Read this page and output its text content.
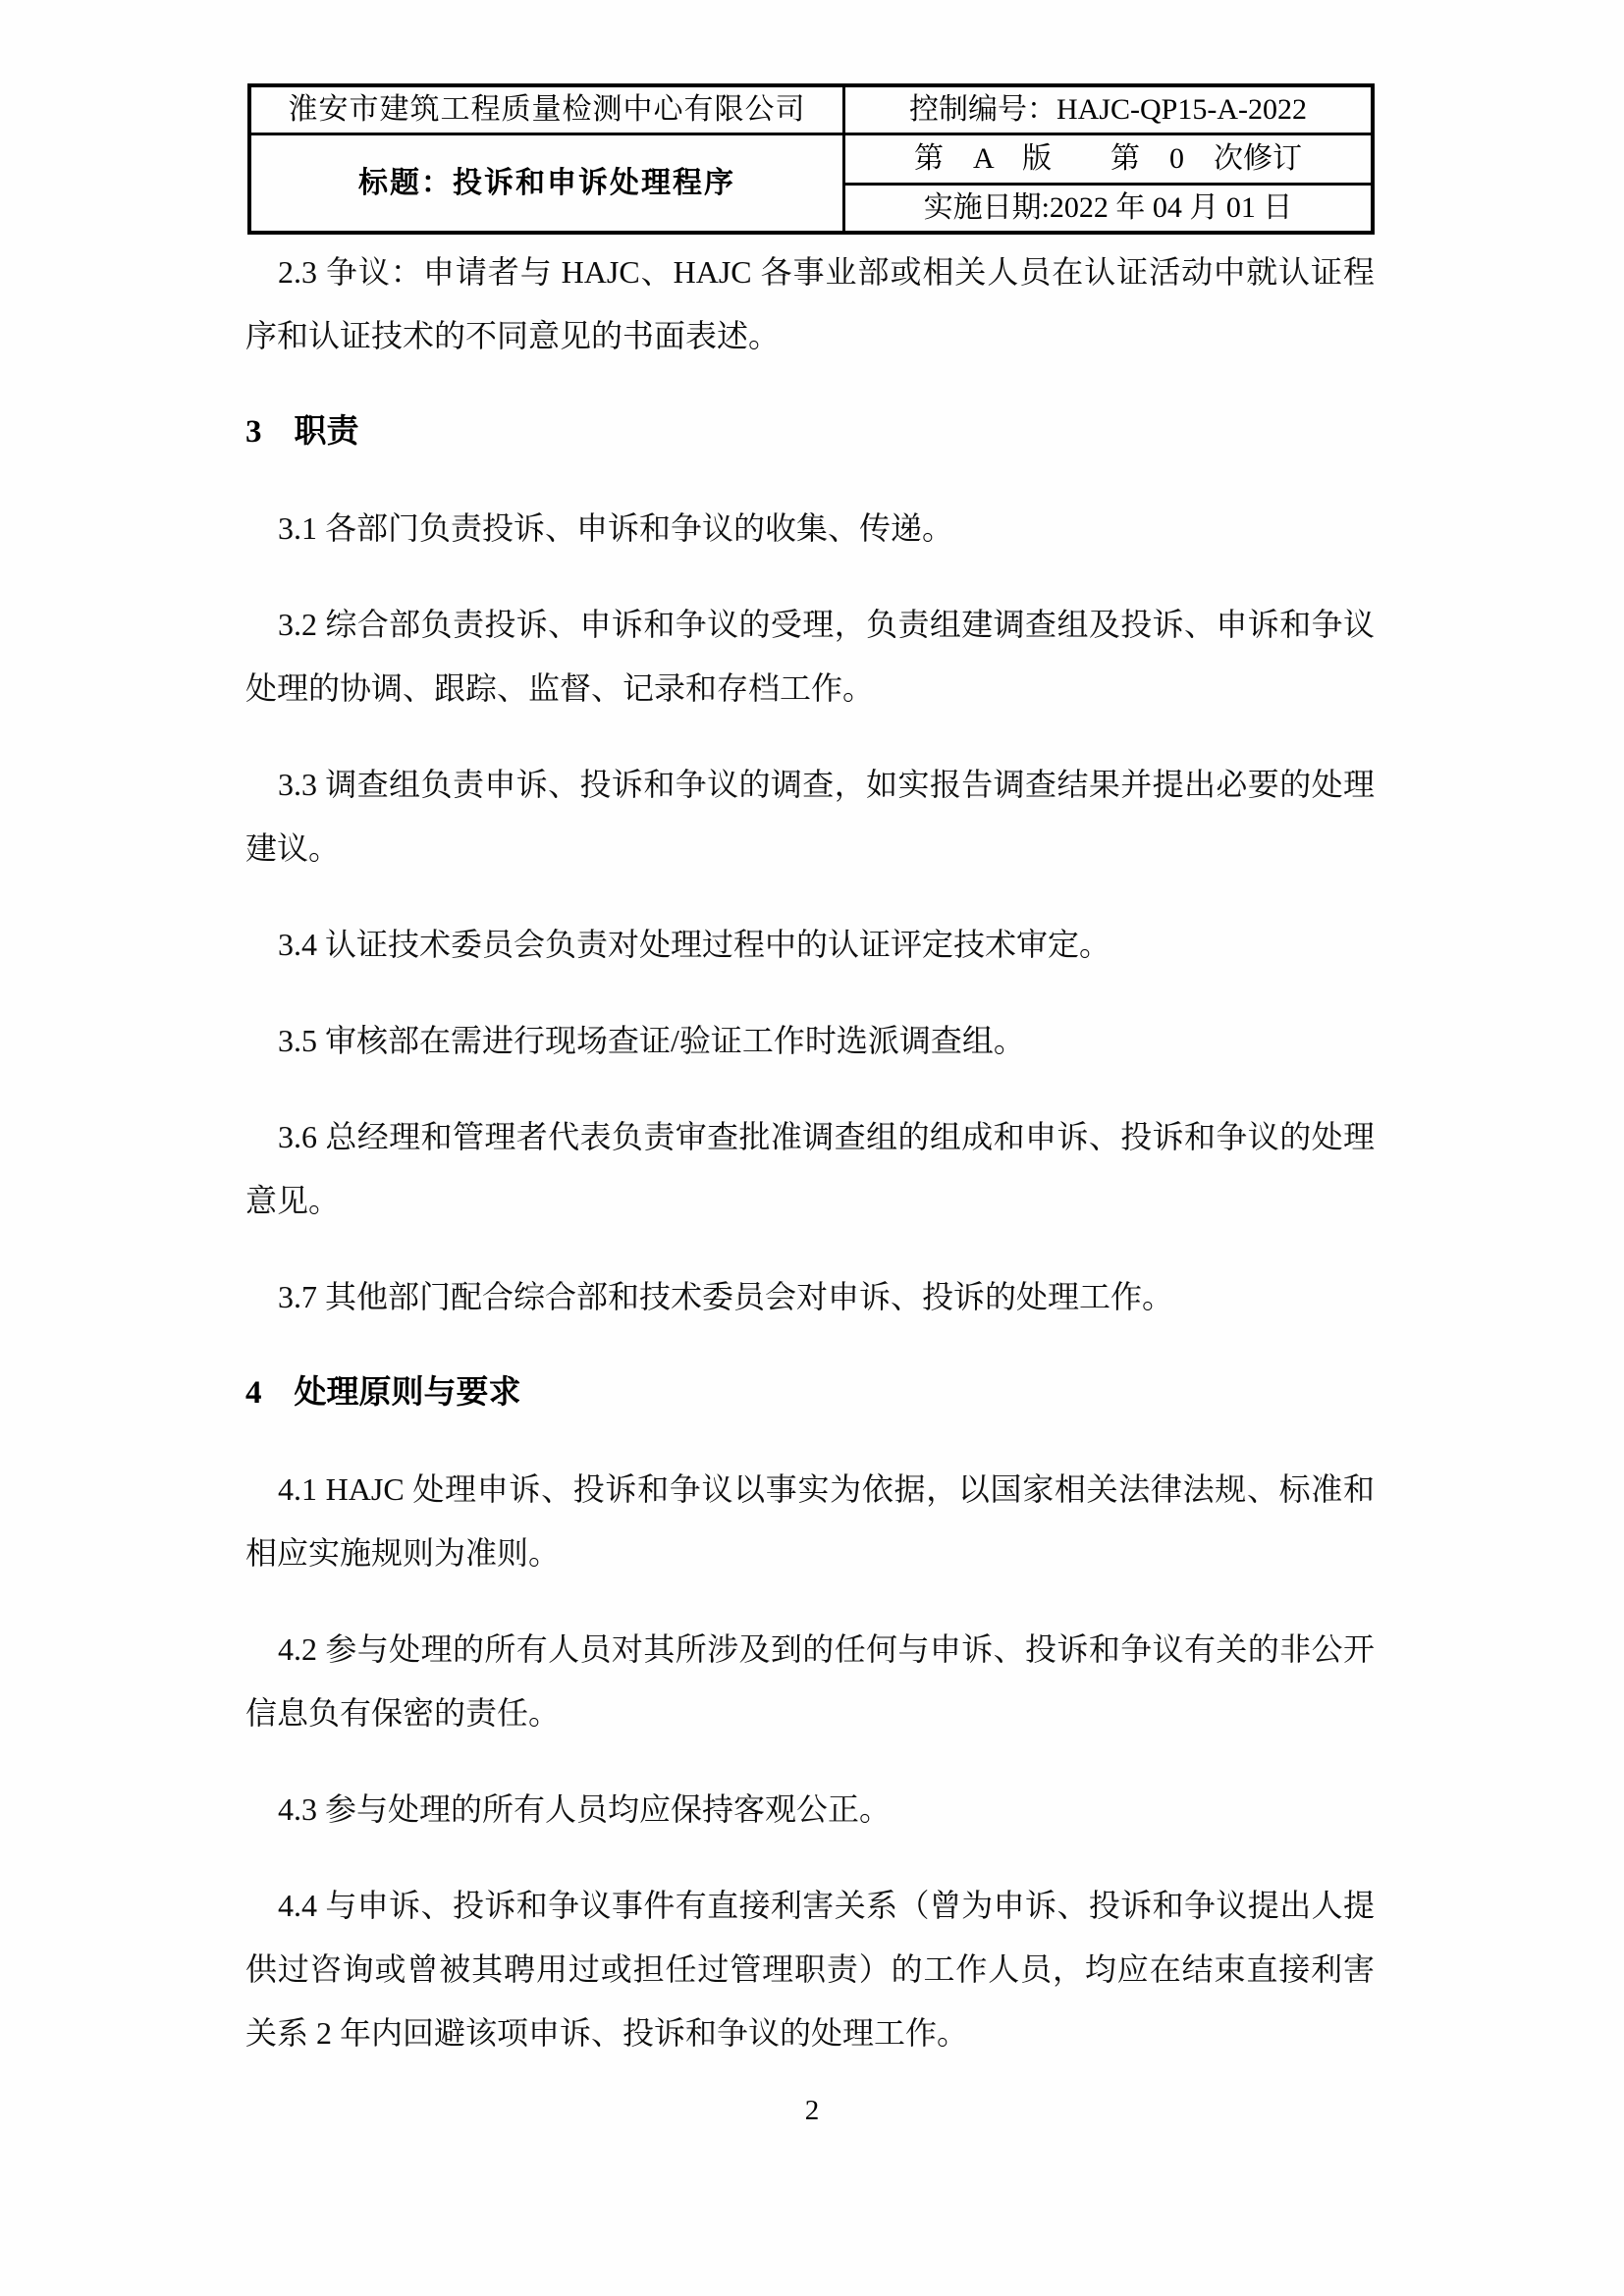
淮安市建筑工程质量检测中心有限公司	控制编号：HAJC-QP15-A-2022
标题：投诉和申诉处理程序	第　A　版　　第　0　次修订
	实施日期:2022 年 04 月 01 日

2.3 争议：申请者与 HAJC、HAJC 各事业部或相关人员在认证活动中就认证程序和认证技术的不同意见的书面表述。

3　职责

3.1 各部门负责投诉、申诉和争议的收集、传递。

3.2 综合部负责投诉、申诉和争议的受理，负责组建调查组及投诉、申诉和争议处理的协调、跟踪、监督、记录和存档工作。

3.3 调查组负责申诉、投诉和争议的调查，如实报告调查结果并提出必要的处理建议。

3.4 认证技术委员会负责对处理过程中的认证评定技术审定。

3.5 审核部在需进行现场查证/验证工作时选派调查组。

3.6 总经理和管理者代表负责审查批准调查组的组成和申诉、投诉和争议的处理意见。

3.7 其他部门配合综合部和技术委员会对申诉、投诉的处理工作。

4　处理原则与要求

4.1 HAJC 处理申诉、投诉和争议以事实为依据，以国家相关法律法规、标准和相应实施规则为准则。

4.2 参与处理的所有人员对其所涉及到的任何与申诉、投诉和争议有关的非公开信息负有保密的责任。

4.3 参与处理的所有人员均应保持客观公正。

4.4 与申诉、投诉和争议事件有直接利害关系（曾为申诉、投诉和争议提出人提供过咨询或曾被其聘用过或担任过管理职责）的工作人员，均应在结束直接利害关系 2 年内回避该项申诉、投诉和争议的处理工作。

2
